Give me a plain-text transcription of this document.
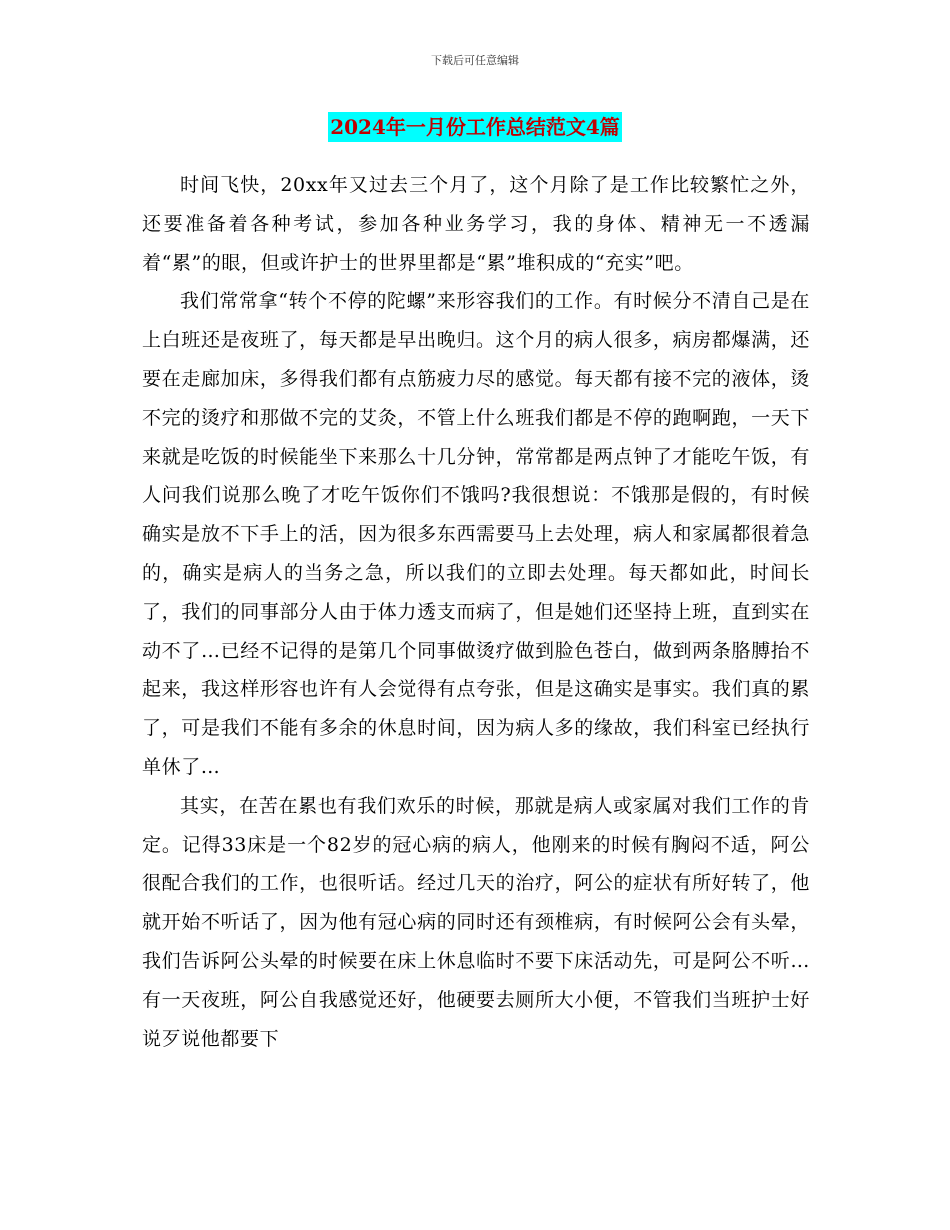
下载后可任意编辑
2024年一月份工作总结范文4篇

时间飞快，20xx年又过去三个月了，这个月除了是工作比较繁忙之外，还要准备着各种考试，参加各种业务学习，我的身体、精神无一不透漏着“累”的眼，但或许护士的世界里都是“累”堆积成的“充实”吧。

我们常常拿“转个不停的陀螺”来形容我们的工作。有时候分不清自己是在上白班还是夜班了，每天都是早出晚归。这个月的病人很多，病房都爆满，还要在走廊加床，多得我们都有点筋疲力尽的感觉。每天都有接不完的液体，烫不完的烫疗和那做不完的艾灸，不管上什么班我们都是不停的跑啊跑，一天下来就是吃饭的时候能坐下来那么十几分钟，常常都是两点钟了才能吃午饭，有人问我们说那么晚了才吃午饭你们不饿吗?我很想说：不饿那是假的，有时候确实是放不下手上的活，因为很多东西需要马上去处理，病人和家属都很着急的，确实是病人的当务之急，所以我们的立即去处理。每天都如此，时间长了，我们的同事部分人由于体力透支而病了，但是她们还坚持上班，直到实在动不了…已经不记得的是第几个同事做烫疗做到脸色苍白，做到两条胳膊抬不起来，我这样形容也许有人会觉得有点夸张，但是这确实是事实。我们真的累了，可是我们不能有多余的休息时间，因为病人多的缘故，我们科室已经执行单休了…

其实，在苦在累也有我们欢乐的时候，那就是病人或家属对我们工作的肯定。记得33床是一个82岁的冠心病的病人，他刚来的时候有胸闷不适，阿公很配合我们的工作，也很听话。经过几天的治疗，阿公的症状有所好转了，他就开始不听话了，因为他有冠心病的同时还有颈椎病，有时候阿公会有头晕，我们告诉阿公头晕的时候要在床上休息临时不要下床活动先，可是阿公不听…有一天夜班，阿公自我感觉还好，他硬要去厕所大小便，不管我们当班护士好说歹说他都要下
